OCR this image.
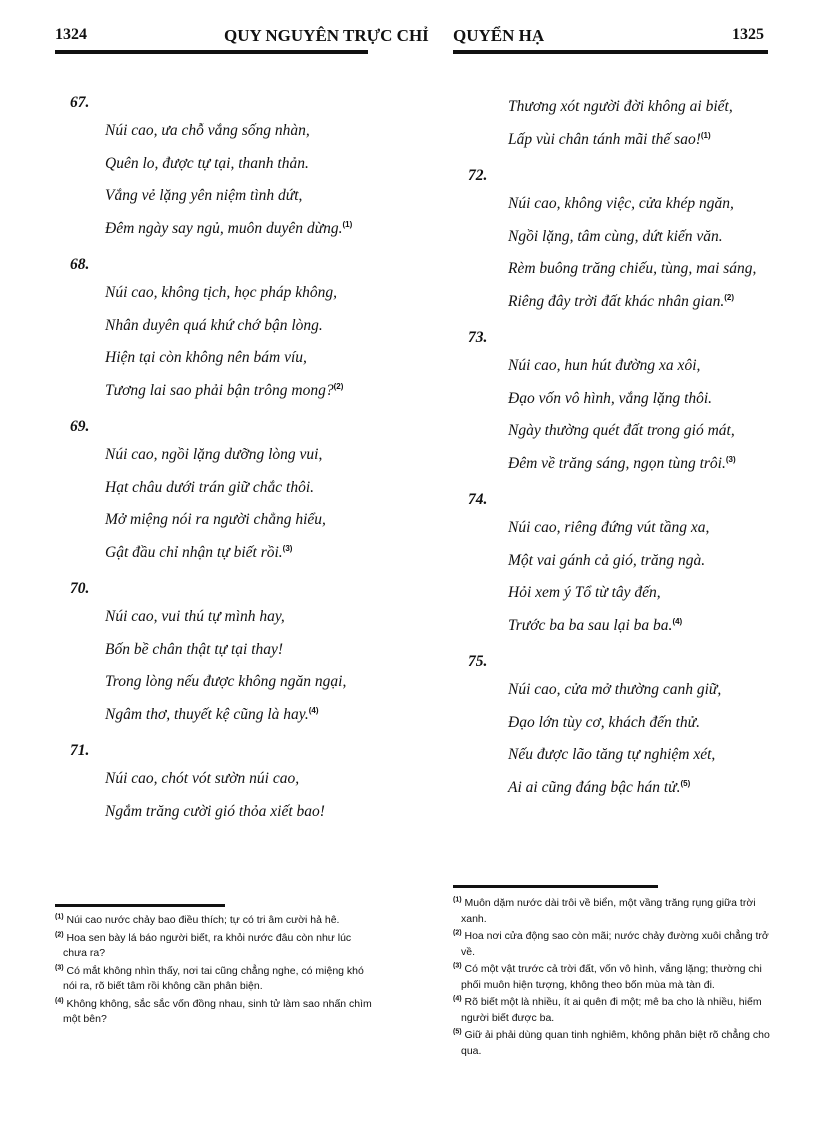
1324	QUY NGUYÊN TRỰC CHỈ
67.
Núi cao, ưa chỗ vắng sống nhàn,
Quên lo, được tự tại, thanh thản.
Vắng vẻ lặng yên niệm tình dứt,
Đêm ngày say ngủ, muôn duyên dừng.$^{(1)}$
68.
Núi cao, không tịch, học pháp không,
Nhân duyên quá khứ chớ bận lòng.
Hiện tại còn không nên bám víu,
Tương lai sao phải bận trông mong?$^{(2)}$
69.
Núi cao, ngồi lặng dưỡng lòng vui,
Hạt châu dưới trán giữ chắc thôi.
Mở miệng nói ra người chẳng hiểu,
Gật đầu chỉ nhận tự biết rồi.$^{(3)}$
70.
Núi cao, vui thú tự mình hay,
Bốn bề chân thật tự tại thay!
Trong lòng nếu được không ngăn ngại,
Ngâm thơ, thuyết kệ cũng là hay.$^{(4)}$
71.
Núi cao, chót vót sườn núi cao,
Ngắm trăng cười gió thỏa xiết bao!
$^{(1)}$ Núi cao nước chảy bao điều thích; tự có tri âm cười hả hê.
$^{(2)}$ Hoa sen bày lá báo người biết, ra khỏi nước đâu còn như lúc chưa ra?
$^{(3)}$ Có mắt không nhìn thấy, nơi tai cũng chẳng nghe, có miệng khó nói ra, rõ biết tâm rồi không cần phân biện.
$^{(4)}$ Không không, sắc sắc vốn đồng nhau, sinh tử làm sao nhấn chìm một bên?
QUYỂN HẠ	1325
Thương xót người đời không ai biết,
Lấp vùi chân tánh mãi thế sao!$^{(1)}$
72.
Núi cao, không việc, cửa khép ngăn,
Ngồi lặng, tâm cùng, dứt kiến văn.
Rèm buông trăng chiếu, tùng, mai sáng,
Riêng đây trời đất khác nhân gian.$^{(2)}$
73.
Núi cao, hun hút đường xa xôi,
Đạo vốn vô hình, vắng lặng thôi.
Ngày thường quét đất trong gió mát,
Đêm về trăng sáng, ngọn tùng trôi.$^{(3)}$
74.
Núi cao, riêng đứng vút tầng xa,
Một vai gánh cả gió, trăng ngà.
Hỏi xem ý Tổ từ tây đến,
Trước ba ba sau lại ba ba.$^{(4)}$
75.
Núi cao, cửa mở thường canh giữ,
Đạo lớn tùy cơ, khách đến thử.
Nếu được lão tăng tự nghiệm xét,
Ai ai cũng đáng bậc hán tử.$^{(5)}$
$^{(1)}$ Muôn dặm nước dài trôi về biển, một vầng trăng rụng giữa trời xanh.
$^{(2)}$ Hoa nơi cửa động sao còn mãi; nước chảy đường xuôi chẳng trở về.
$^{(3)}$ Có một vật trước cả trời đất, vốn vô hình, vắng lặng; thường chi phối muôn hiện tượng, không theo bốn mùa mà tàn đi.
$^{(4)}$ Rõ biết một là nhiều, ít ai quên đi một; mê ba cho là nhiều, hiếm người biết được ba.
$^{(5)}$ Giữ ải phải dùng quan tinh nghiêm, không phân biệt rõ chẳng cho qua.
